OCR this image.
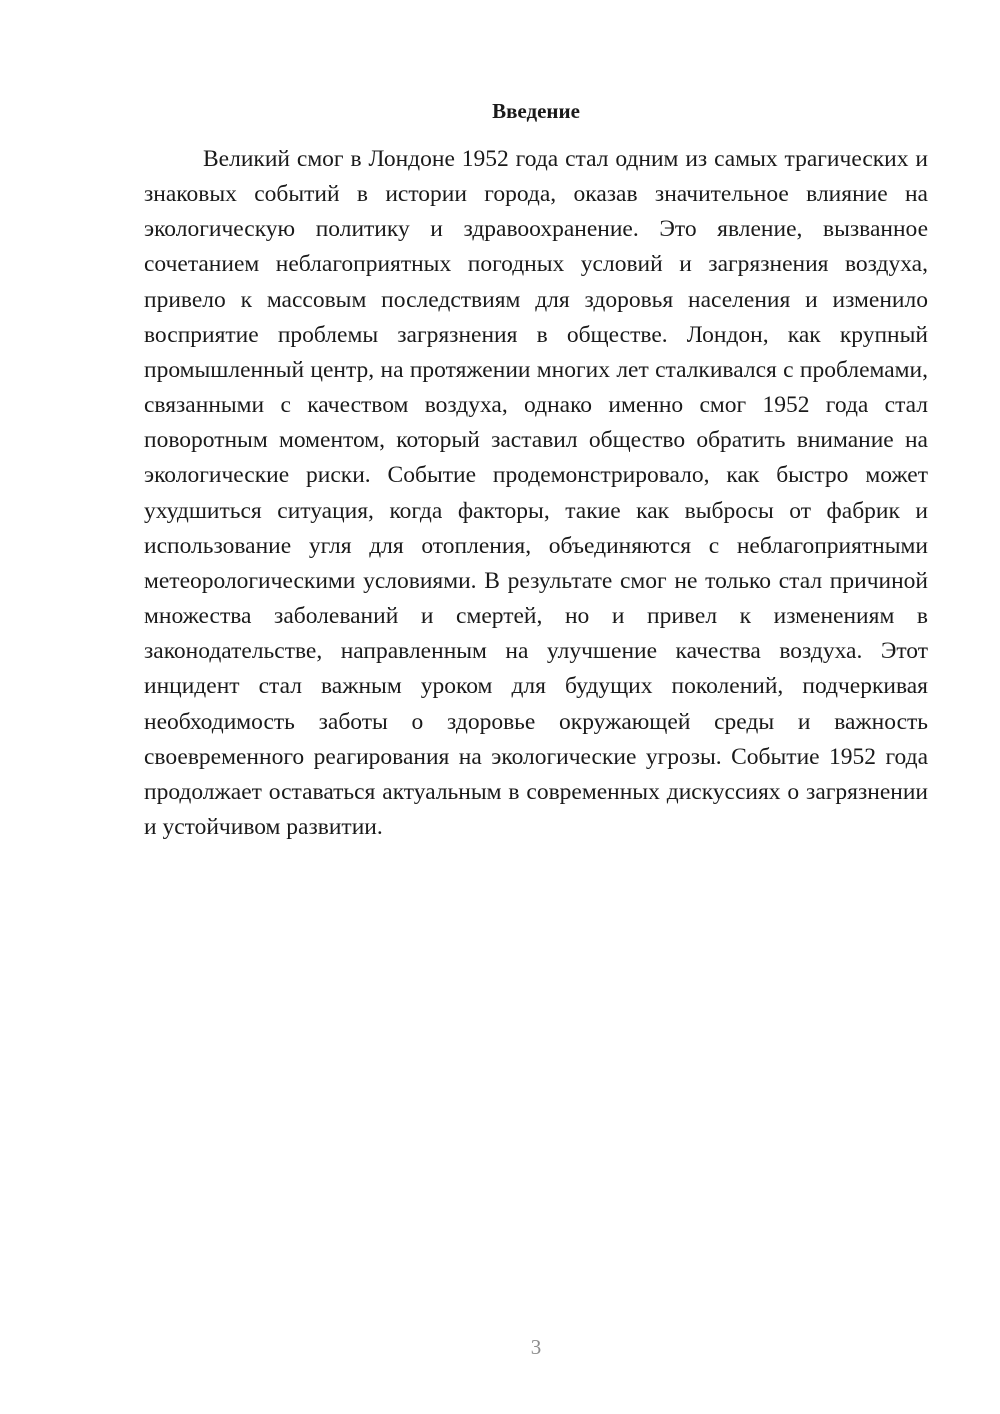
Введение

Великий смог в Лондоне 1952 года стал одним из самых трагических и знаковых событий в истории города, оказав значительное влияние на экологическую политику и здравоохранение. Это явление, вызванное сочетанием неблагоприятных погодных условий и загрязнения воздуха, привело к массовым последствиям для здоровья населения и изменило восприятие проблемы загрязнения в обществе. Лондон, как крупный промышленный центр, на протяжении многих лет сталкивался с проблемами, связанными с качеством воздуха, однако именно смог 1952 года стал поворотным моментом, который заставил общество обратить внимание на экологические риски. Событие продемонстрировало, как быстро может ухудшиться ситуация, когда факторы, такие как выбросы от фабрик и использование угля для отопления, объединяются с неблагоприятными метеорологическими условиями. В результате смог не только стал причиной множества заболеваний и смертей, но и привел к изменениям в законодательстве, направленным на улучшение качества воздуха. Этот инцидент стал важным уроком для будущих поколений, подчеркивая необходимость заботы о здоровье окружающей среды и важность своевременного реагирования на экологические угрозы. Событие 1952 года продолжает оставаться актуальным в современных дискуссиях о загрязнении и устойчивом развитии.

3
